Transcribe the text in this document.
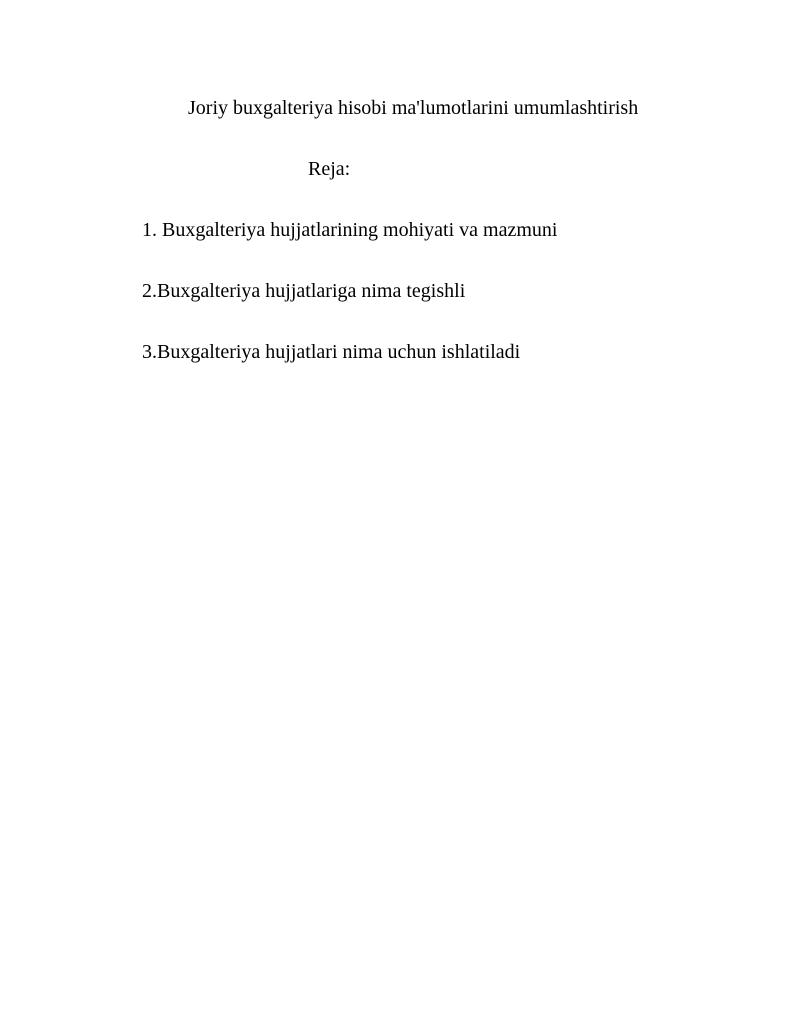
Joriy buxgalteriya hisobi ma'lumotlarini umumlashtirish

Reja:

1. Buxgalteriya hujjatlarining mohiyati va mazmuni

2.Buxgalteriya hujjatlariga nima tegishli

3.Buxgalteriya hujjatlari nima uchun ishlatiladi
